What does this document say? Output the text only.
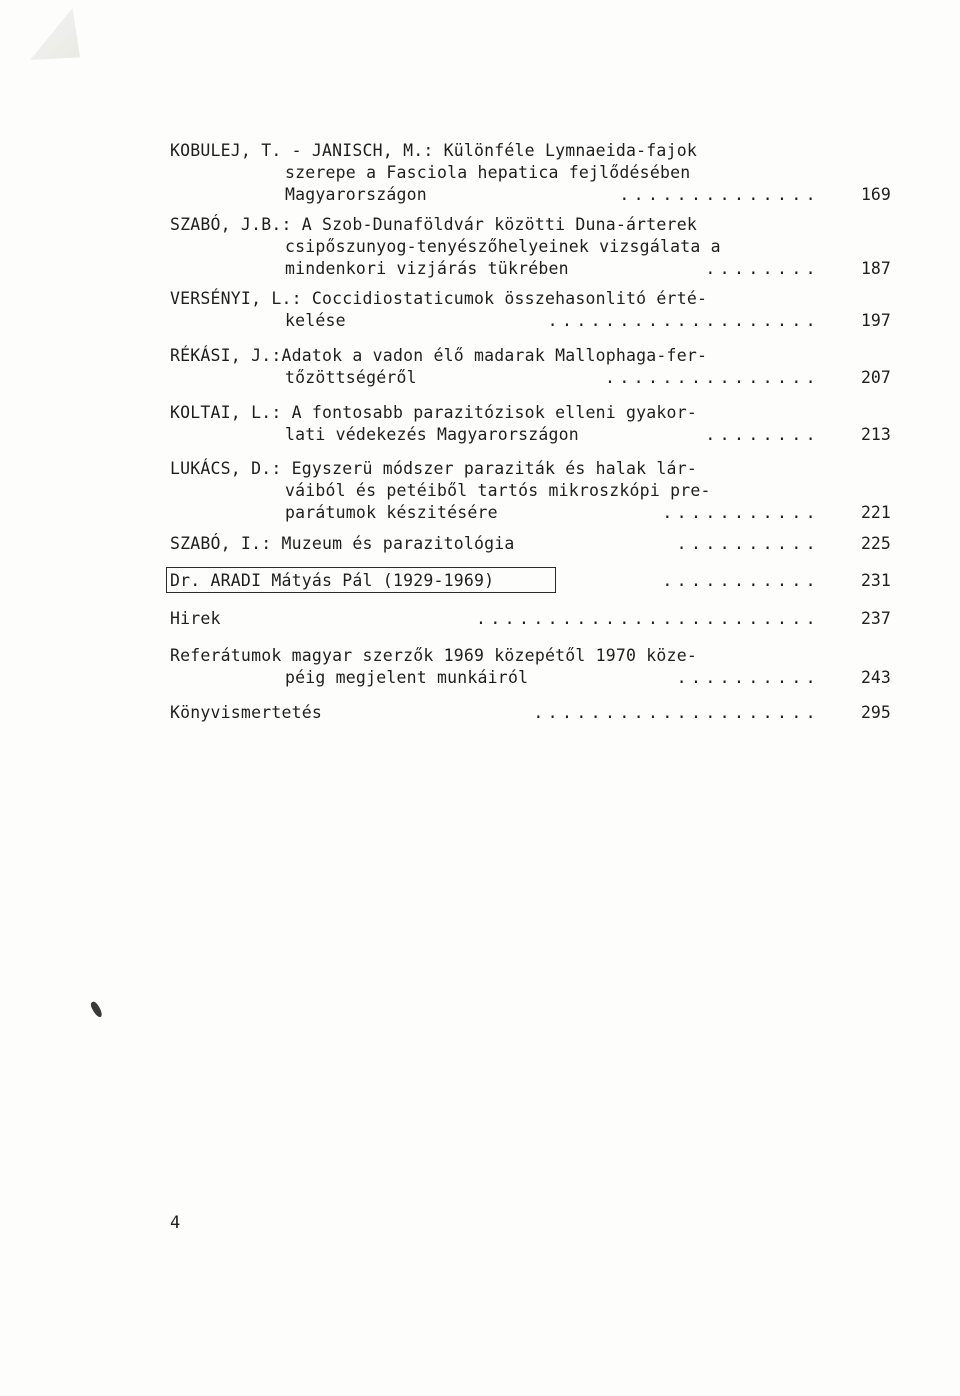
KOBULEJ, T. - JANISCH, M.: Különféle Lymnaeida-fajok
szerepe a Fasciola hepatica fejlődésében
Magyarországon	.............. 169
SZABÓ, J.B.: A Szob-Dunaföldvár közötti Duna-árterek
csipőszunyog-tenyészőhelyeinek vizsgálata a
mindenkori vizjárás tükrében	........ 187
VERSÉNYI, L.: Coccidiostaticumok összehasonlitó érté-
kelése	................... 197
RÉKÁSI, J.:Adatok a vadon élő madarak Mallophaga-fer-
tőzöttségéről	............... 207
KOLTAI, L.: A fontosabb parazitózisok elleni gyakor-
lati védekezés Magyarországon	........ 213
LUKÁCS, D.: Egyszerü módszer paraziták és halak lár-
váiból és petéiből tartós mikroszkópi pre-
parátumok készitésére	........... 221
SZABÓ, I.: Muzeum és parazitológia	.......... 225
Dr. ARADI Mátyás Pál (1929-1969)	........... 231
Hirek	........................ 237
Referátumok magyar szerzők 1969 közepétől 1970 köze-
péig megjelent munkáiról	.......... 243
Könyvismertetés	.................... 295
4
